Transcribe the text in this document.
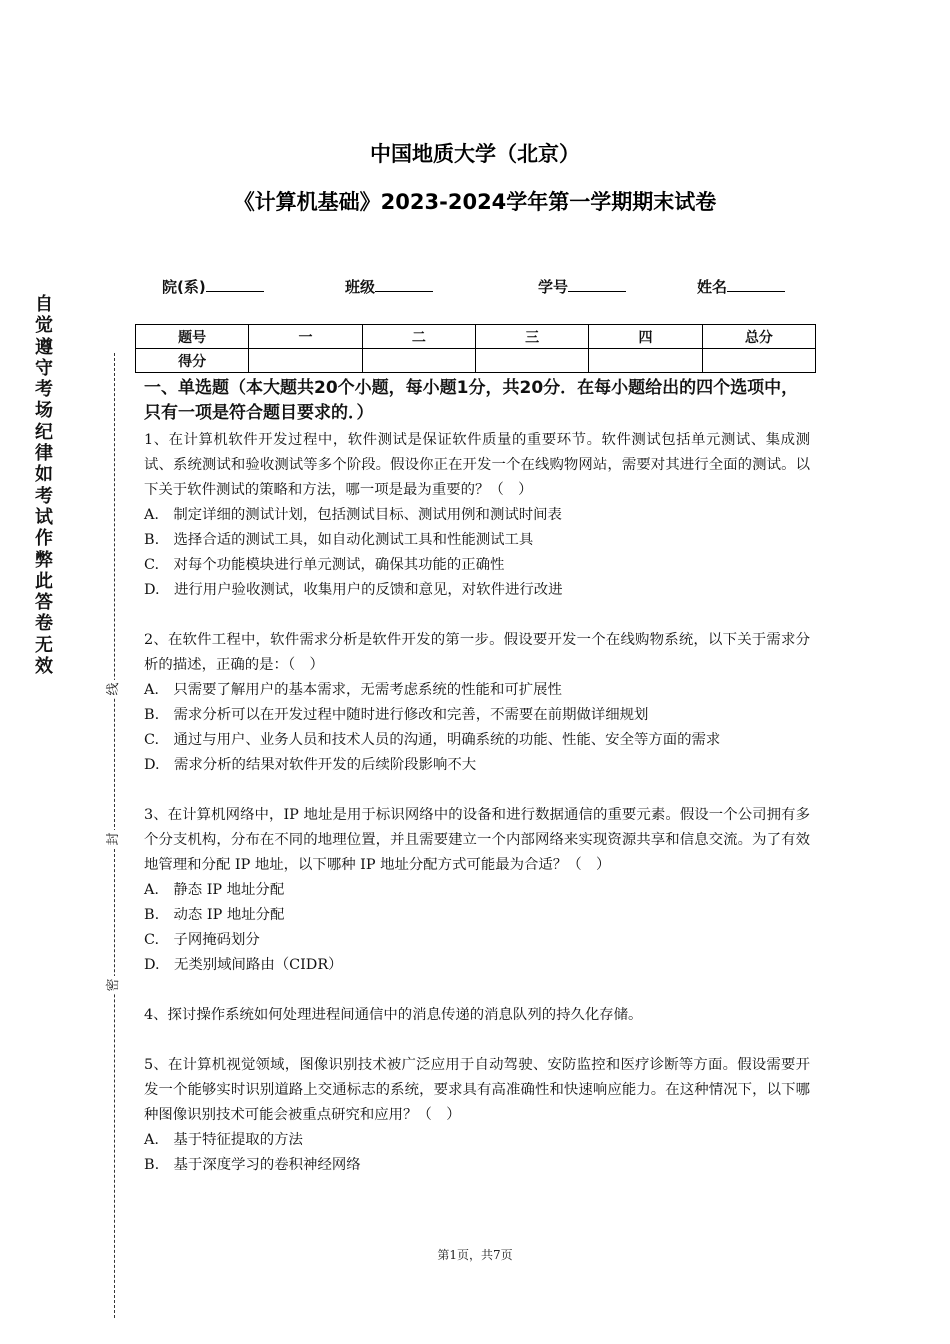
中国地质大学（北京）
《计算机基础》2023-2024学年第一学期期末试卷
院(系)	班级	学号	姓名
题号	一	二	三	四	总分
得分					
自
觉
遵
守
考
场
纪
律
如
考
试
作
弊
此
答
卷
无
效
线
封
密
一、单选题（本大题共20个小题，每小题1分，共20分．在每小题给出的四个选项中，只有一项是符合题目要求的．）

1、在计算机软件开发过程中，软件测试是保证软件质量的重要环节。软件测试包括单元测试、集成测试、系统测试和验收测试等多个阶段。假设你正在开发一个在线购物网站，需要对其进行全面的测试。以下关于软件测试的策略和方法，哪一项是最为重要的？（　）

A.　制定详细的测试计划，包括测试目标、测试用例和测试时间表

B.　选择合适的测试工具，如自动化测试工具和性能测试工具

C.　对每个功能模块进行单元测试，确保其功能的正确性

D.　进行用户验收测试，收集用户的反馈和意见，对软件进行改进

2、在软件工程中，软件需求分析是软件开发的第一步。假设要开发一个在线购物系统，以下关于需求分析的描述，正确的是：（　）

A.　只需要了解用户的基本需求，无需考虑系统的性能和可扩展性

B.　需求分析可以在开发过程中随时进行修改和完善，不需要在前期做详细规划

C.　通过与用户、业务人员和技术人员的沟通，明确系统的功能、性能、安全等方面的需求

D.　需求分析的结果对软件开发的后续阶段影响不大

3、在计算机网络中，IP 地址是用于标识网络中的设备和进行数据通信的重要元素。假设一个公司拥有多个分支机构，分布在不同的地理位置，并且需要建立一个内部网络来实现资源共享和信息交流。为了有效地管理和分配 IP 地址，以下哪种 IP 地址分配方式可能最为合适？（　）

A.　静态 IP 地址分配

B.　动态 IP 地址分配

C.　子网掩码划分

D.　无类别域间路由（CIDR）

4、探讨操作系统如何处理进程间通信中的消息传递的消息队列的持久化存储。

5、在计算机视觉领域，图像识别技术被广泛应用于自动驾驶、安防监控和医疗诊断等方面。假设需要开发一个能够实时识别道路上交通标志的系统，要求具有高准确性和快速响应能力。在这种情况下，以下哪种图像识别技术可能会被重点研究和应用？（　）

A.　基于特征提取的方法

B.　基于深度学习的卷积神经网络

第1页，共7页
